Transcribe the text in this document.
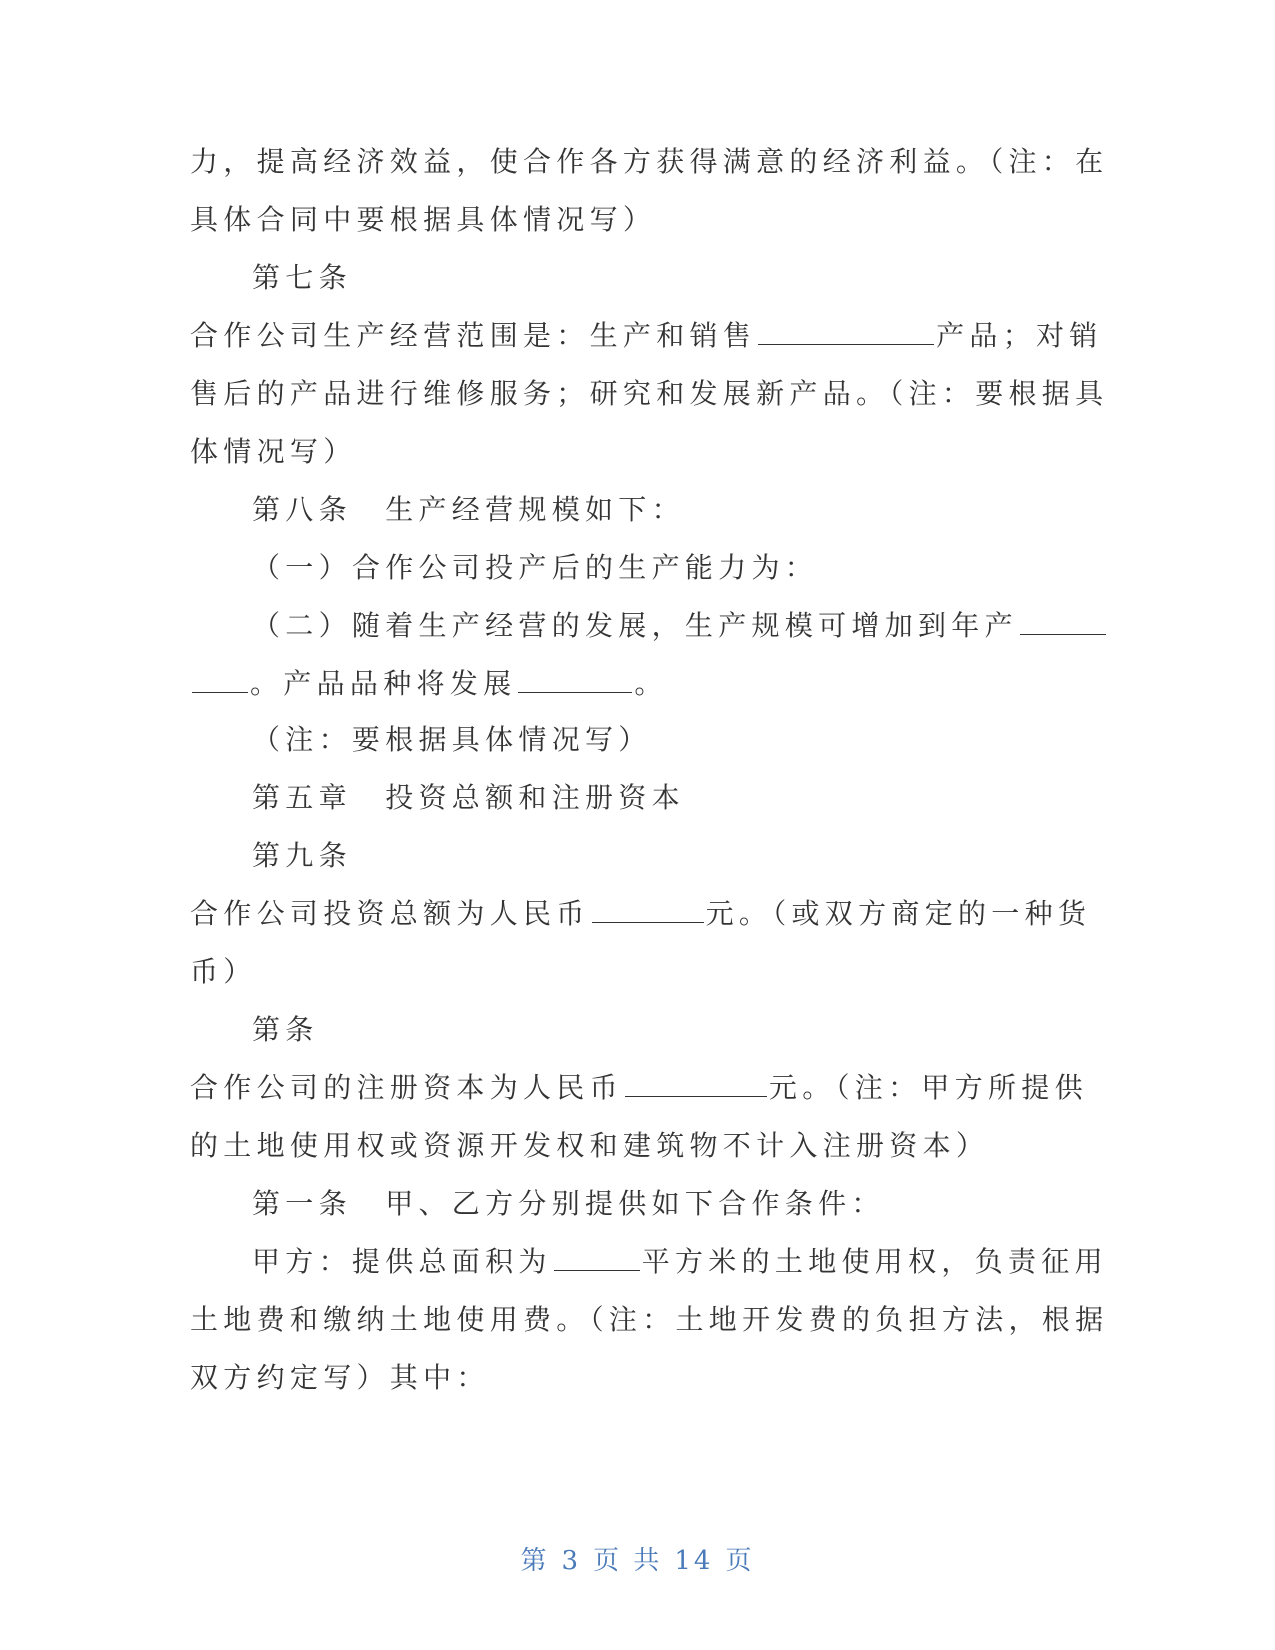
力，提高经济效益，使合作各方获得满意的经济利益。（注：在
具体合同中要根据具体情况写）
第七条
合作公司生产经营范围是：生产和销售	产品；对销
售后的产品进行维修服务；研究和发展新产品。（注：要根据具
体情况写）
第八条　生产经营规模如下：
（一）合作公司投产后的生产能力为：
（二）随着生产经营的发展，生产规模可增加到年产
。产品品种将发展	。
（注：要根据具体情况写）
第五章　投资总额和注册资本
第九条
合作公司投资总额为人民币	元。（或双方商定的一种货
币）
第条
合作公司的注册资本为人民币	元。（注：甲方所提供
的土地使用权或资源开发权和建筑物不计入注册资本）
第一条　甲、乙方分别提供如下合作条件：
甲方：提供总面积为	平方米的土地使用权，负责征用
土地费和缴纳土地使用费。（注：土地开发费的负担方法，根据
双方约定写）其中：
第 3 页 共 14 页
